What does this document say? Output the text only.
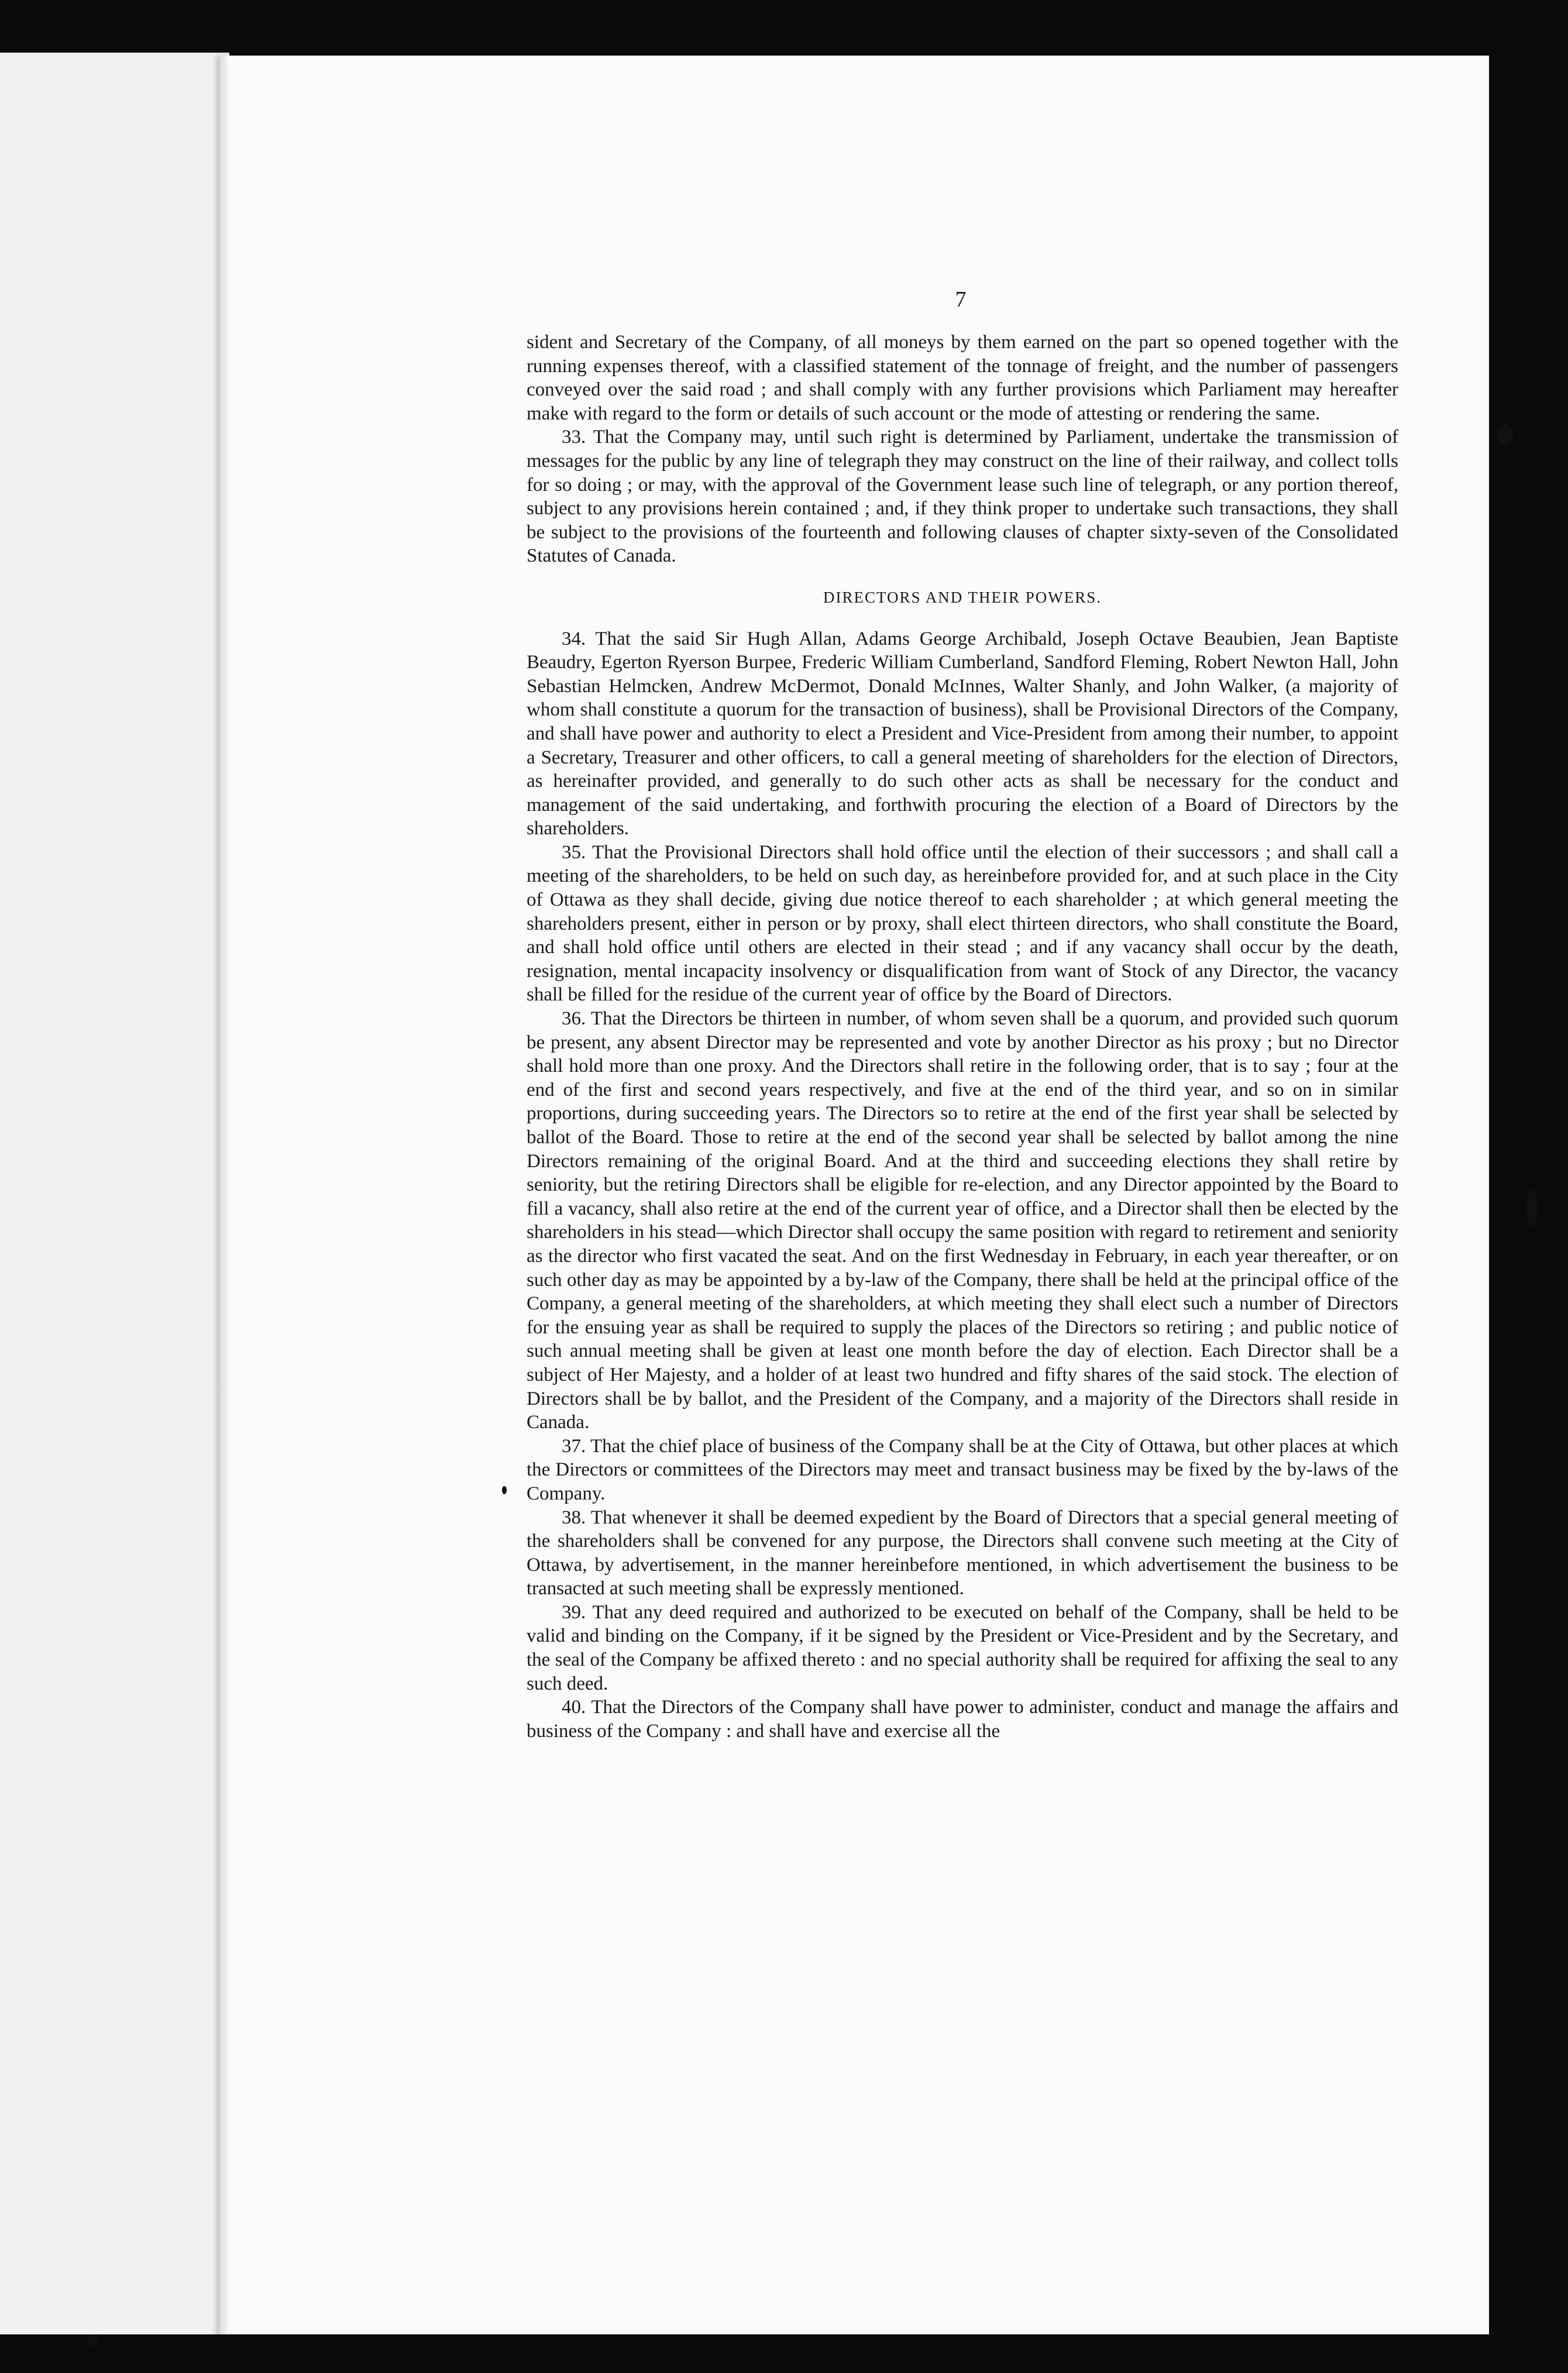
7

sident and Secretary of the Company, of all moneys by them earned on the part so opened together with the running expenses thereof, with a classified statement of the tonnage of freight, and the number of passengers conveyed over the said road ; and shall comply with any further provisions which Parliament may hereafter make with regard to the form or details of such account or the mode of attesting or rendering the same.

33. That the Company may, until such right is determined by Parliament, undertake the transmission of messages for the public by any line of telegraph they may construct on the line of their railway, and collect tolls for so doing ; or may, with the approval of the Government lease such line of telegraph, or any portion thereof, subject to any provisions herein contained ; and, if they think proper to undertake such transactions, they shall be subject to the provisions of the fourteenth and following clauses of chapter sixty-seven of the Consolidated Statutes of Canada.

DIRECTORS AND THEIR POWERS.

34. That the said Sir Hugh Allan, Adams George Archibald, Joseph Octave Beaubien, Jean Baptiste Beaudry, Egerton Ryerson Burpee, Frederic William Cumberland, Sandford Fleming, Robert Newton Hall, John Sebastian Helmcken, Andrew McDermot, Donald McInnes, Walter Shanly, and John Walker, (a majority of whom shall constitute a quorum for the transaction of business), shall be Provisional Directors of the Company, and shall have power and authority to elect a President and Vice-President from among their number, to appoint a Secretary, Treasurer and other officers, to call a general meeting of shareholders for the election of Directors, as hereinafter provided, and generally to do such other acts as shall be necessary for the conduct and management of the said undertaking, and forthwith procuring the election of a Board of Directors by the shareholders.

35. That the Provisional Directors shall hold office until the election of their successors ; and shall call a meeting of the shareholders, to be held on such day, as hereinbefore provided for, and at such place in the City of Ottawa as they shall decide, giving due notice thereof to each shareholder ; at which general meeting the shareholders present, either in person or by proxy, shall elect thirteen directors, who shall constitute the Board, and shall hold office until others are elected in their stead ; and if any vacancy shall occur by the death, resignation, mental incapacity insolvency or disqualification from want of Stock of any Director, the vacancy shall be filled for the residue of the current year of office by the Board of Directors.

36. That the Directors be thirteen in number, of whom seven shall be a quorum, and provided such quorum be present, any absent Director may be represented and vote by another Director as his proxy ; but no Director shall hold more than one proxy. And the Directors shall retire in the following order, that is to say ; four at the end of the first and second years respectively, and five at the end of the third year, and so on in similar proportions, during succeeding years. The Directors so to retire at the end of the first year shall be selected by ballot of the Board. Those to retire at the end of the second year shall be selected by ballot among the nine Directors remaining of the original Board. And at the third and succeeding elections they shall retire by seniority, but the retiring Directors shall be eligible for re-election, and any Director appointed by the Board to fill a vacancy, shall also retire at the end of the current year of office, and a Director shall then be elected by the shareholders in his stead—which Director shall occupy the same position with regard to retirement and seniority as the director who first vacated the seat. And on the first Wednesday in February, in each year thereafter, or on such other day as may be appointed by a by-law of the Company, there shall be held at the principal office of the Company, a general meeting of the shareholders, at which meeting they shall elect such a number of Directors for the ensuing year as shall be required to supply the places of the Directors so retiring ; and public notice of such annual meeting shall be given at least one month before the day of election. Each Director shall be a subject of Her Majesty, and a holder of at least two hundred and fifty shares of the said stock. The election of Directors shall be by ballot, and the President of the Company, and a majority of the Directors shall reside in Canada.

37. That the chief place of business of the Company shall be at the City of Ottawa, but other places at which the Directors or committees of the Directors may meet and transact business may be fixed by the by-laws of the Company.

38. That whenever it shall be deemed expedient by the Board of Directors that a special general meeting of the shareholders shall be convened for any purpose, the Directors shall convene such meeting at the City of Ottawa, by advertisement, in the manner hereinbefore mentioned, in which advertisement the business to be transacted at such meeting shall be expressly mentioned.

39. That any deed required and authorized to be executed on behalf of the Company, shall be held to be valid and binding on the Company, if it be signed by the President or Vice-President and by the Secretary, and the seal of the Company be affixed thereto : and no special authority shall be required for affixing the seal to any such deed.

40. That the Directors of the Company shall have power to administer, conduct and manage the affairs and business of the Company : and shall have and exercise all the
